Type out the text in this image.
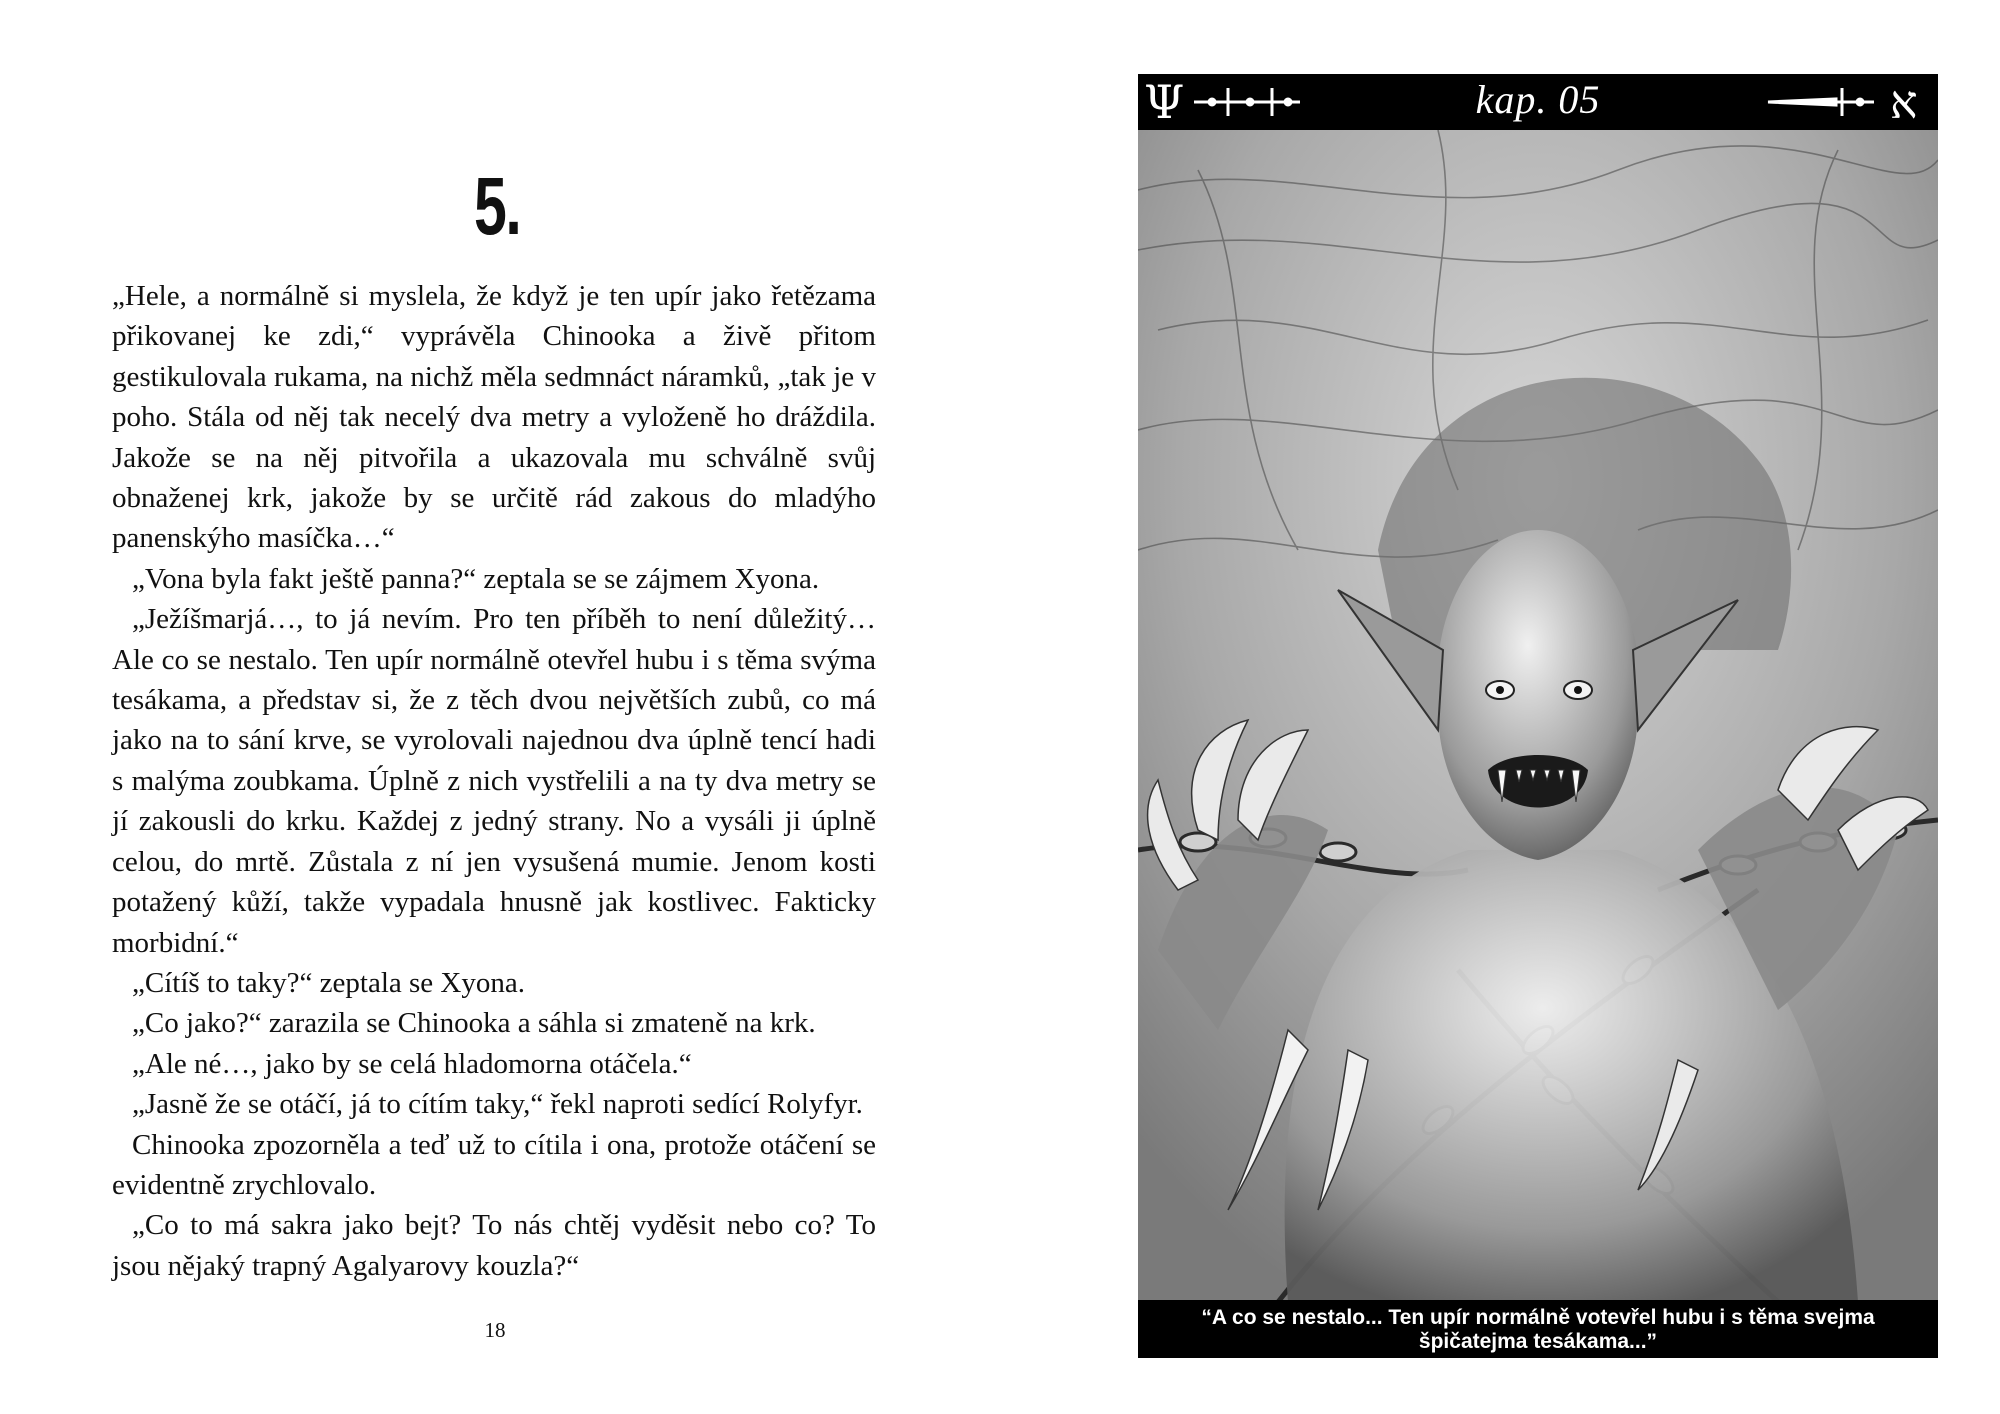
5.

„Hele, a normálně si myslela, že když je ten upír jako řetězama přikovanej ke zdi,“ vyprávěla Chinooka a živě přitom gestikulovala rukama, na nichž měla sedmnáct náramků, „tak je v poho. Stála od něj tak necelý dva metry a vyloženě ho dráždila. Jakože se na něj pitvořila a ukazovala mu schválně svůj obnaženej krk, jakože by se určitě rád zakous do mladýho panenskýho masíčka…“

„Vona byla fakt ještě panna?“ zeptala se se zájmem Xyona.

„Ježíšmarjá…, to já nevím. Pro ten příběh to není důležitý… Ale co se nestalo. Ten upír normálně otevřel hubu i s těma svýma tesákama, a představ si, že z těch dvou největších zubů, co má jako na to sání krve, se vyrolovali najednou dva úplně tencí hadi s malýma zoubkama. Úplně z nich vystřelili a na ty dva metry se jí zakousli do krku. Každej z jedný strany. No a vysáli ji úplně celou, do mrtě. Zůstala z ní jen vysušená mumie. Jenom kosti potažený kůží, takže vypadala hnusně jak kostlivec. Fakticky morbidní.“

„Cítíš to taky?“ zeptala se Xyona.

„Co jako?“ zarazila se Chinooka a sáhla si zmateně na krk.

„Ale né…, jako by se celá hladomorna otáčela.“

„Jasně že se otáčí, já to cítím taky,“ řekl naproti sedící Rolyfyr.

Chinooka zpozorněla a teď už to cítila i ona, protože otáčení se evidentně zrychlovalo.

„Co to má sakra jako bejt? To nás chtěj vyděsit nebo co? To jsou nějaký trapný Agalyarovy kouzla?“

18
Ψ	kap. 05	א
“A co se nestalo... Ten upír normálně votevřel hubu i s těma svejma
špičatejma tesákama...”
